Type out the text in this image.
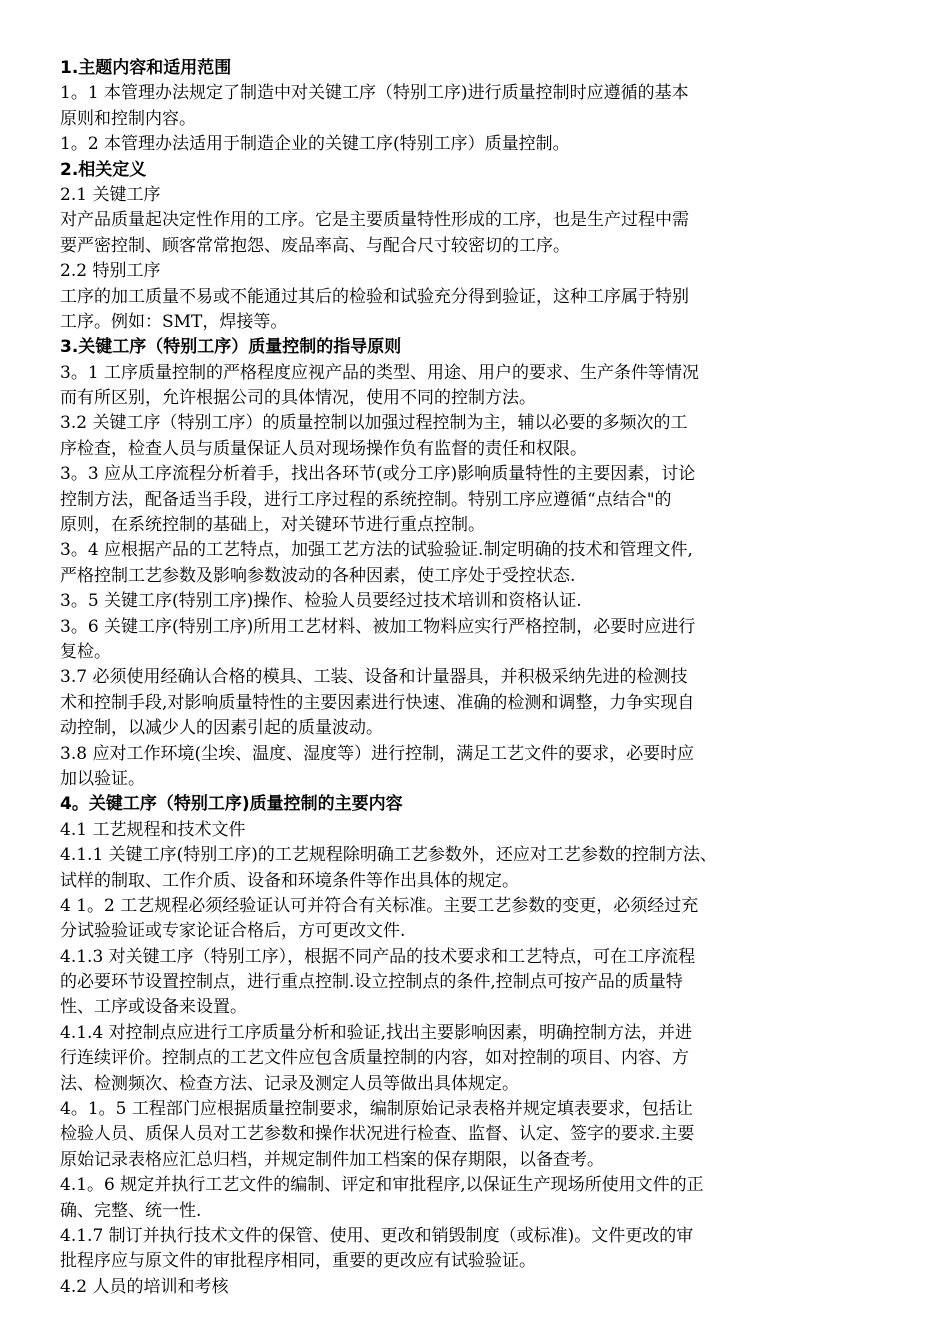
1.主题内容和适用范围
1。1 本管理办法规定了制造中对关键工序（特别工序)进行质量控制时应遵循的基本
原则和控制内容。
1。2 本管理办法适用于制造企业的关键工序(特别工序）质量控制。
2.相关定义
2.1 关键工序
对产品质量起决定性作用的工序。它是主要质量特性形成的工序，也是生产过程中需
要严密控制、顾客常常抱怨、废品率高、与配合尺寸较密切的工序。
2.2 特别工序
工序的加工质量不易或不能通过其后的检验和试验充分得到验证，这种工序属于特别
工序。例如：SMT，焊接等。
3.关键工序（特别工序）质量控制的指导原则
3。1 工序质量控制的严格程度应视产品的类型、用途、用户的要求、生产条件等情况
而有所区别，允许根据公司的具体情况，使用不同的控制方法。
3.2 关键工序（特别工序）的质量控制以加强过程控制为主，辅以必要的多频次的工
序检查，检查人员与质量保证人员对现场操作负有监督的责任和权限。
3。3 应从工序流程分析着手，找出各环节(或分工序)影响质量特性的主要因素，讨论
控制方法，配备适当手段，进行工序过程的系统控制。特别工序应遵循“点结合"的
原则，在系统控制的基础上，对关键环节进行重点控制。
3。4 应根据产品的工艺特点，加强工艺方法的试验验证.制定明确的技术和管理文件,
严格控制工艺参数及影响参数波动的各种因素，使工序处于受控状态.
3。5 关键工序(特别工序)操作、检验人员要经过技术培训和资格认证.
3。6 关键工序(特别工序)所用工艺材料、被加工物料应实行严格控制，必要时应进行
复检。
3.7 必须使用经确认合格的模具、工装、设备和计量器具，并积极采纳先进的检测技
术和控制手段,对影响质量特性的主要因素进行快速、准确的检测和调整，力争实现自
动控制，以减少人的因素引起的质量波动。
3.8 应对工作环境(尘埃、温度、湿度等）进行控制，满足工艺文件的要求，必要时应
加以验证。
4。关键工序（特别工序)质量控制的主要内容
4.1 工艺规程和技术文件
4.1.1 关键工序(特别工序)的工艺规程除明确工艺参数外，还应对工艺参数的控制方法、
试样的制取、工作介质、设备和环境条件等作出具体的规定。
4 1。2 工艺规程必须经验证认可并符合有关标准。主要工艺参数的变更，必须经过充
分试验验证或专家论证合格后，方可更改文件.
4.1.3 对关键工序（特别工序），根据不同产品的技术要求和工艺特点，可在工序流程
的必要环节设置控制点，进行重点控制.设立控制点的条件,控制点可按产品的质量特
性、工序或设备来设置。
4.1.4 对控制点应进行工序质量分析和验证,找出主要影响因素，明确控制方法，并进
行连续评价。控制点的工艺文件应包含质量控制的内容，如对控制的项目、内容、方
法、检测频次、检查方法、记录及测定人员等做出具体规定。
4。1。5 工程部门应根据质量控制要求，编制原始记录表格并规定填表要求，包括让
检验人员、质保人员对工艺参数和操作状况进行检查、监督、认定、签字的要求.主要
原始记录表格应汇总归档，并规定制件加工档案的保存期限，以备查考。
4.1。6 规定并执行工艺文件的编制、评定和审批程序,以保证生产现场所使用文件的正
确、完整、统一性.
4.1.7 制订并执行技术文件的保管、使用、更改和销毁制度（或标准)。文件更改的审
批程序应与原文件的审批程序相同，重要的更改应有试验验证。
4.2 人员的培训和考核
